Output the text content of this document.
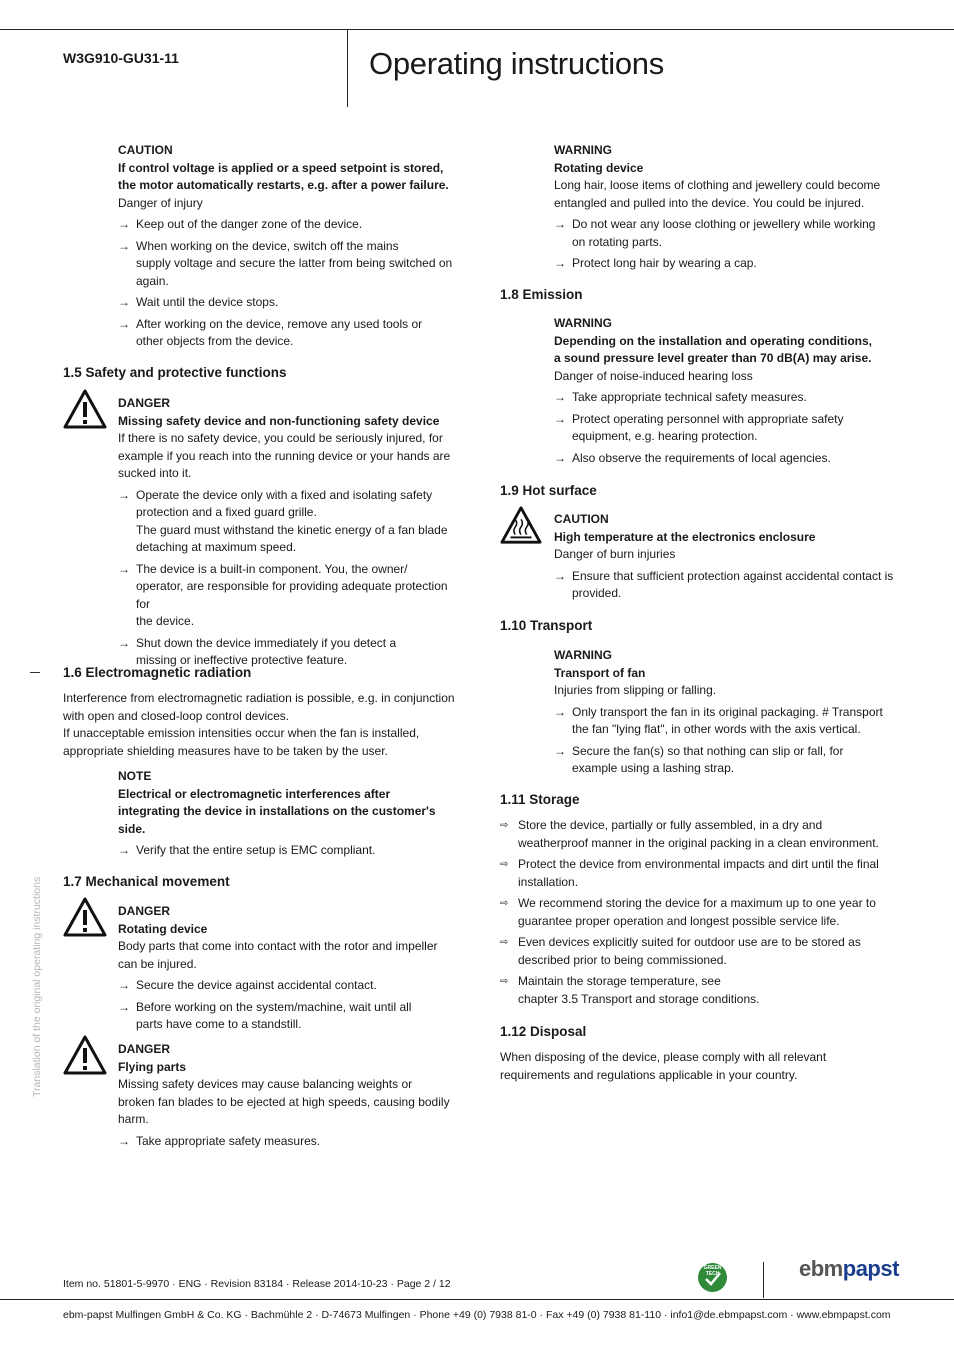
W3G910-GU31-11	Operating instructions
Translation of the original operating instructions
CAUTION
If control voltage is applied or a speed setpoint is stored,
the motor automatically restarts, e.g. after a power failure.
Danger of injury
→ Keep out of the danger zone of the device.
→ When working on the device, switch off the mains
supply voltage and secure the latter from being switched on
again.
→ Wait until the device stops.
→ After working on the device, remove any used tools or
other objects from the device.
1.5 Safety and protective functions
DANGER
Missing safety device and non-functioning safety device
If there is no safety device, you could be seriously injured, for
example if you reach into the running device or your hands are
sucked into it.
→ Operate the device only with a fixed and isolating safety
protection and a fixed guard grille.
The guard must withstand the kinetic energy of a fan blade
detaching at maximum speed.
→ The device is a built-in component. You, the owner/
operator, are responsible for providing adequate protection for
the device.
→ Shut down the device immediately if you detect a
missing or ineffective protective feature.
1.6 Electromagnetic radiation
Interference from electromagnetic radiation is possible, e.g. in conjunction
with open and closed-loop control devices.
If unacceptable emission intensities occur when the fan is installed,
appropriate shielding measures have to be taken by the user.
NOTE
Electrical or electromagnetic interferences after
integrating the device in installations on the customer's
side.
→ Verify that the entire setup is EMC compliant.
1.7 Mechanical movement
DANGER
Rotating device
Body parts that come into contact with the rotor and impeller
can be injured.
→ Secure the device against accidental contact.
→ Before working on the system/machine, wait until all
parts have come to a standstill.
DANGER
Flying parts
Missing safety devices may cause balancing weights or
broken fan blades to be ejected at high speeds, causing bodily
harm.
→ Take appropriate safety measures.
WARNING
Rotating device
Long hair, loose items of clothing and jewellery could become
entangled and pulled into the device. You could be injured.
→ Do not wear any loose clothing or jewellery while working
on rotating parts.
→ Protect long hair by wearing a cap.
1.8 Emission
WARNING
Depending on the installation and operating conditions,
a sound pressure level greater than 70 dB(A) may arise.
Danger of noise-induced hearing loss
→ Take appropriate technical safety measures.
→ Protect operating personnel with appropriate safety
equipment, e.g. hearing protection.
→ Also observe the requirements of local agencies.
1.9 Hot surface
CAUTION
High temperature at the electronics enclosure
Danger of burn injuries
→ Ensure that sufficient protection against accidental contact is
provided.
1.10 Transport
WARNING
Transport of fan
Injuries from slipping or falling.
→ Only transport the fan in its original packaging. # Transport
the fan "lying flat", in other words with the axis vertical.
→ Secure the fan(s) so that nothing can slip or fall, for
example using a lashing strap.
1.11 Storage
⇨ Store the device, partially or fully assembled, in a dry and
weatherproof manner in the original packing in a clean environment.
⇨ Protect the device from environmental impacts and dirt until the final
installation.
⇨ We recommend storing the device for a maximum up to one year to
guarantee proper operation and longest possible service life.
⇨ Even devices explicitly suited for outdoor use are to be stored as
described prior to being commissioned.
⇨ Maintain the storage temperature, see
chapter 3.5 Transport and storage conditions.
1.12 Disposal
When disposing of the device, please comply with all relevant
requirements and regulations applicable in your country.
Item no. 51801-5-9970 · ENG · Revision 83184 · Release 2014-10-23 · Page 2 / 12
GREEN TECH	ebmpapst
ebm-papst Mulfingen GmbH & Co. KG · Bachmühle 2 · D-74673 Mulfingen · Phone +49 (0) 7938 81-0 · Fax +49 (0) 7938 81-110 · info1@de.ebmpapst.com · www.ebmpapst.com
